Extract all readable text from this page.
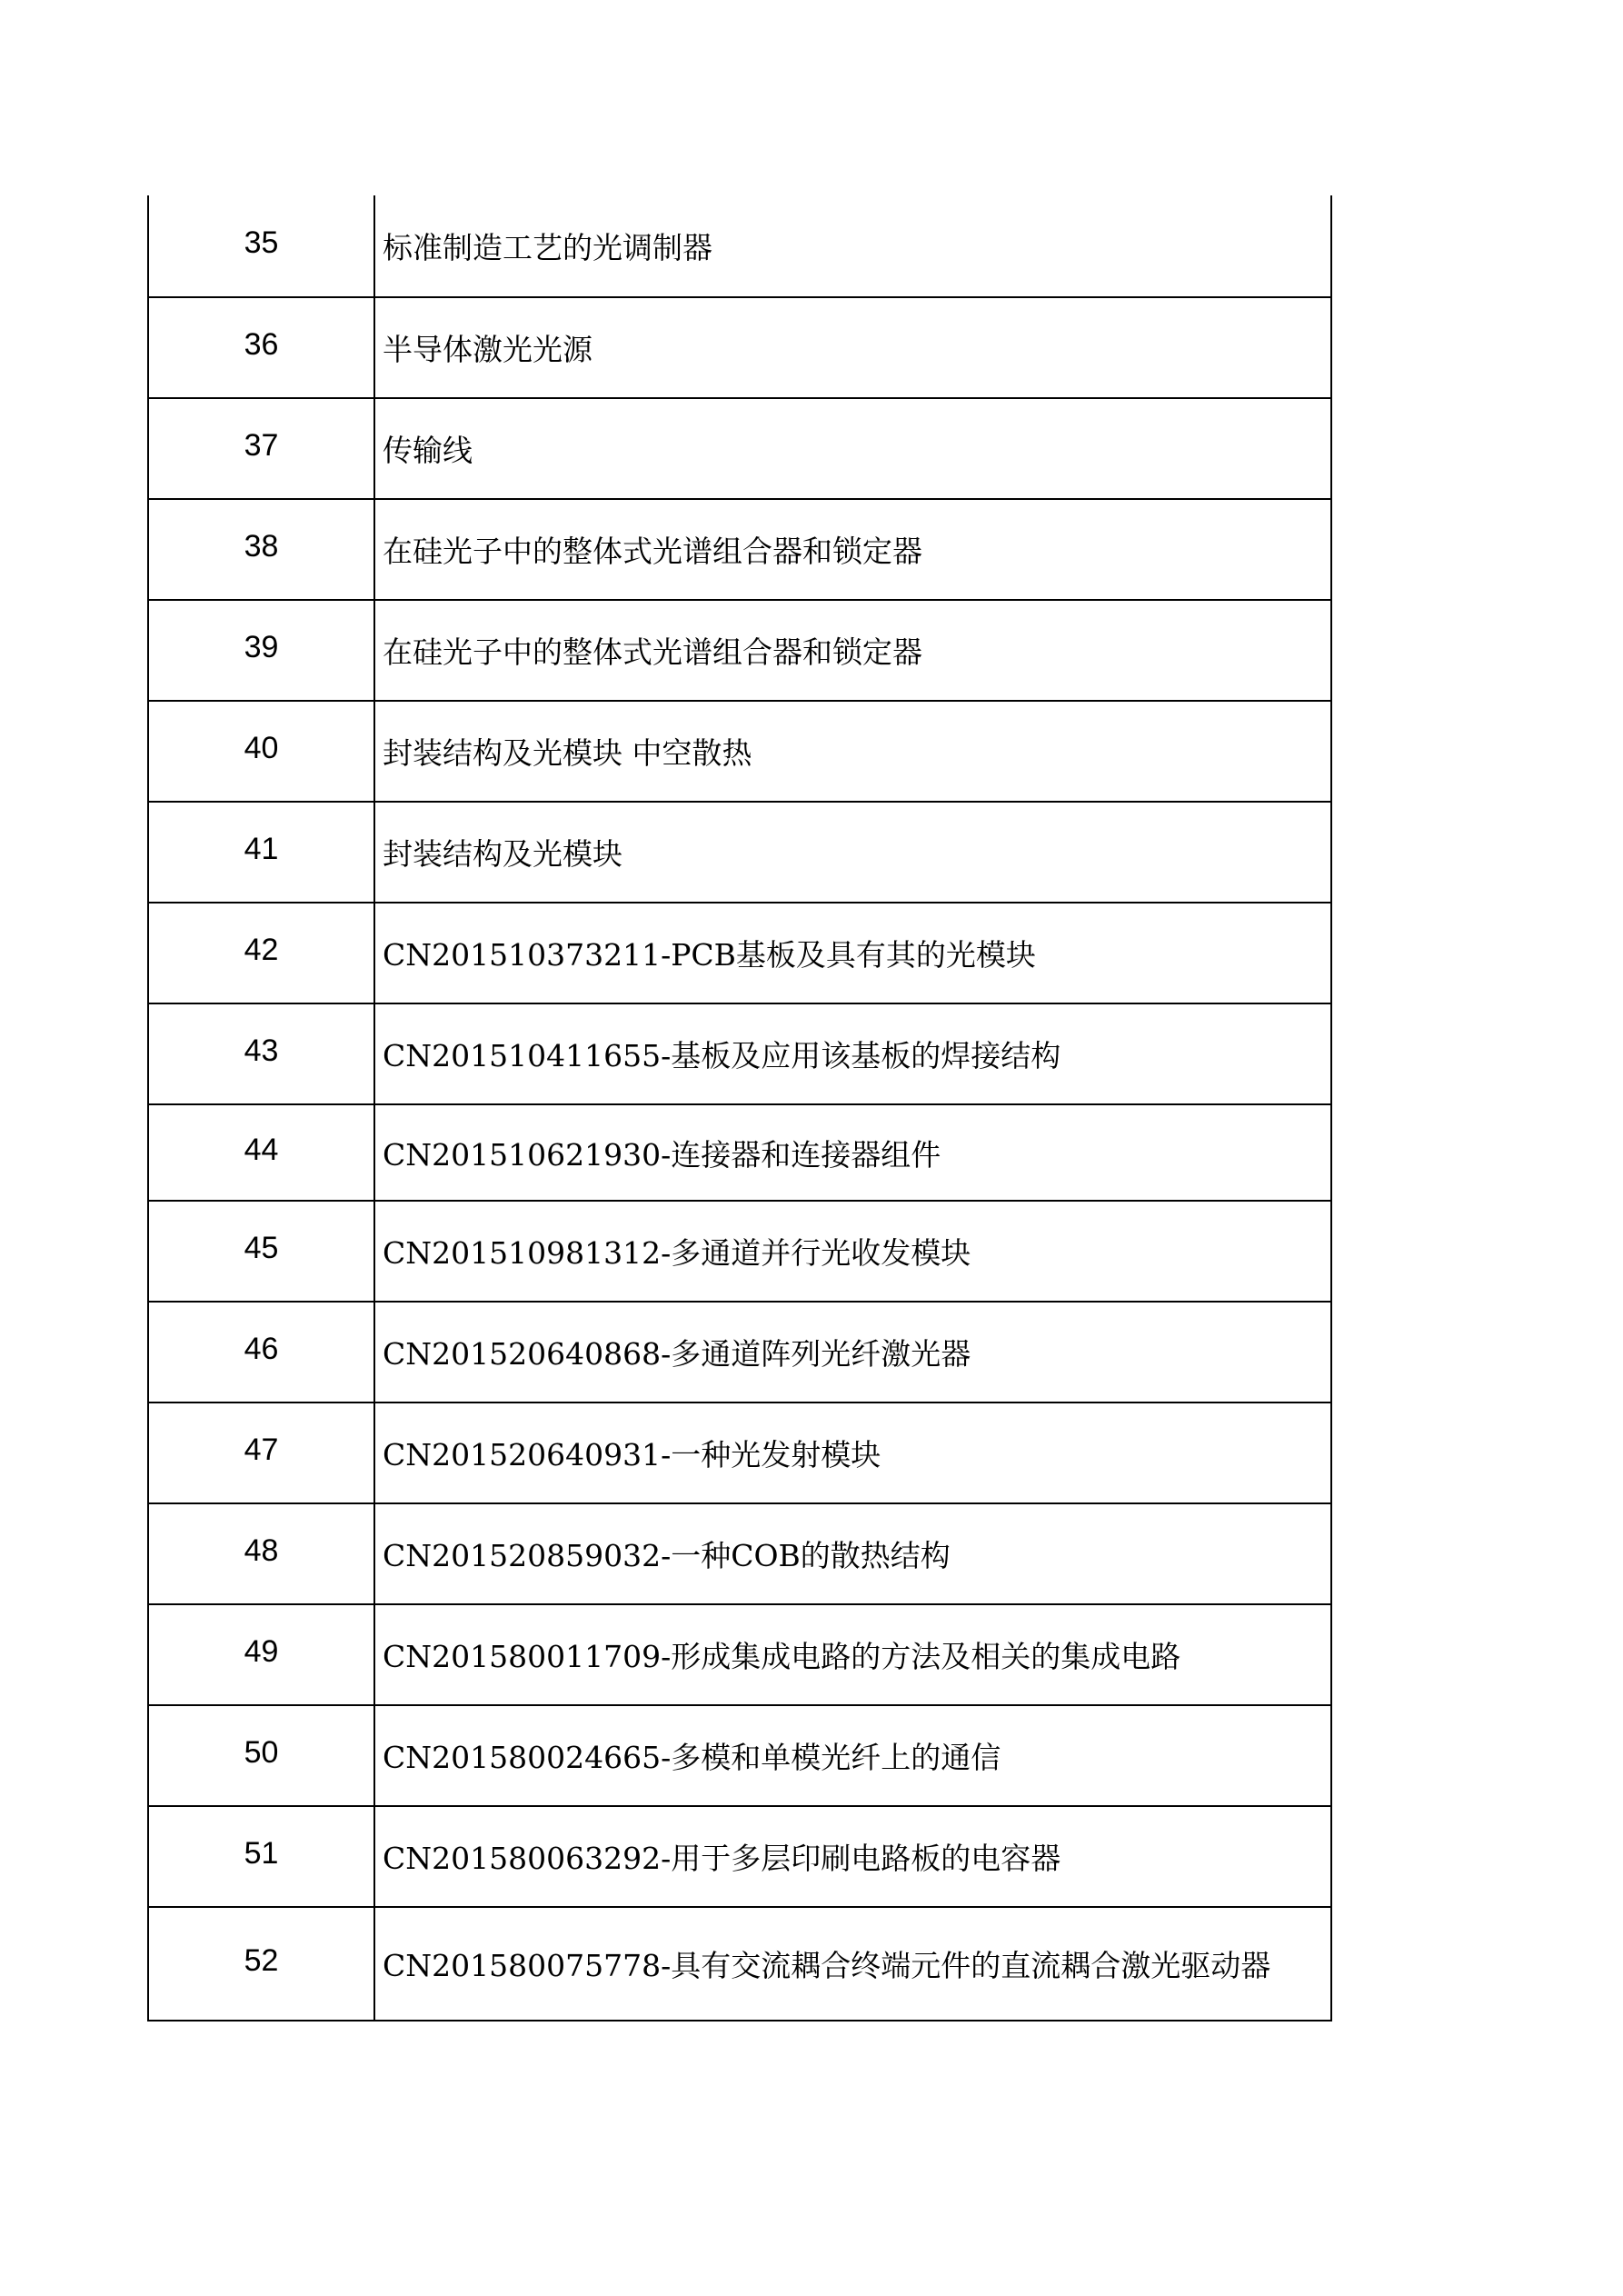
35	标准制造工艺的光调制器
36	半导体激光光源
37	传输线
38	在硅光子中的整体式光谱组合器和锁定器
39	在硅光子中的整体式光谱组合器和锁定器
40	封装结构及光模块 中空散热
41	封装结构及光模块
42	CN201510373211-PCB基板及具有其的光模块
43	CN201510411655-基板及应用该基板的焊接结构
44	CN201510621930-连接器和连接器组件
45	CN201510981312-多通道并行光收发模块
46	CN201520640868-多通道阵列光纤激光器
47	CN201520640931-一种光发射模块
48	CN201520859032-一种COB的散热结构
49	CN201580011709-形成集成电路的方法及相关的集成电路
50	CN201580024665-多模和单模光纤上的通信
51	CN201580063292-用于多层印刷电路板的电容器
52	CN201580075778-具有交流耦合终端元件的直流耦合激光驱动器
